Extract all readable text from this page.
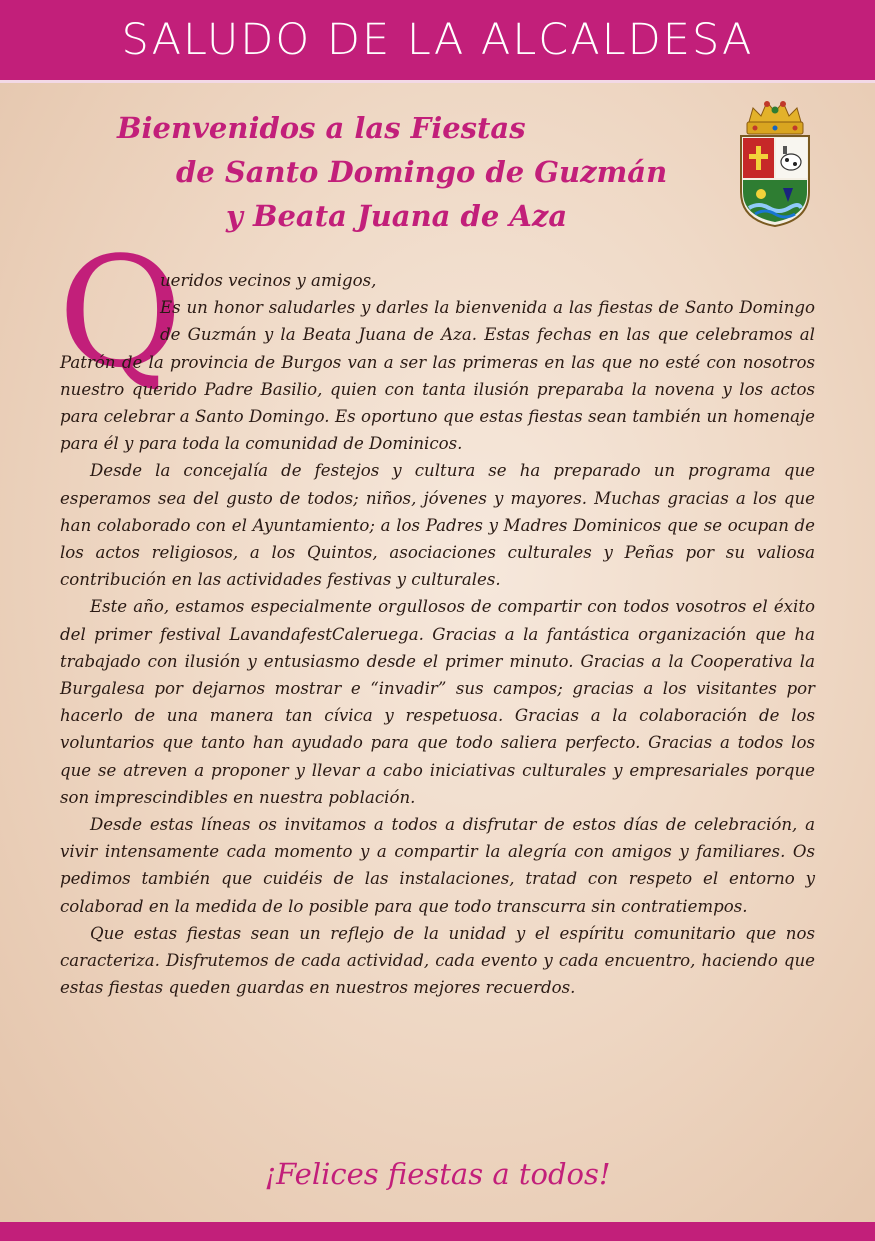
SALUDO DE LA ALCALDESA
Bienvenidos a las Fiestas
de Santo Domingo de Guzmán
y Beata Juana de Aza
Q

ueridos vecinos y amigos,
Es un honor saludarles y darles la bienvenida a las fiestas de Santo Domingo de Guzmán y la Beata Juana de Aza. Estas fechas en las que celebramos al Patrón de la provincia de Burgos van a ser las primeras en las que no esté con nosotros nuestro querido Padre Basilio, quien con tanta ilusión preparaba la novena y los actos para celebrar a Santo Domingo. Es oportuno que estas fiestas sean también un homenaje para él y para toda la comunidad de Dominicos.

Desde la concejalía de festejos y cultura se ha preparado un programa que esperamos sea del gusto de todos; niños, jóvenes y mayores. Muchas gracias a los que han colaborado con el Ayuntamiento; a los Padres y Madres Dominicos que se ocupan de los actos religiosos, a los Quintos, asociaciones culturales y Peñas por su valiosa contribución en las actividades festivas y culturales.

Este año, estamos especialmente orgullosos de compartir con todos vosotros el éxito del primer festival LavandafestCaleruega. Gracias a la fantástica organización que ha trabajado con ilusión y entusiasmo desde el primer minuto. Gracias a la Cooperativa la Burgalesa por dejarnos mostrar e “invadir” sus campos; gracias a los visitantes por hacerlo de una manera tan cívica y respetuosa. Gracias a la colaboración de los voluntarios que tanto han ayudado para que todo saliera perfecto. Gracias a todos los que se atreven a proponer y llevar a cabo iniciativas culturales y empresariales porque son imprescindibles en nuestra población.

Desde estas líneas os invitamos a todos a disfrutar de estos días de celebración, a vivir intensamente cada momento y a compartir la alegría con amigos y familiares. Os pedimos también que cuidéis de las instalaciones, tratad con respeto el entorno y colaborad en la medida de lo posible para que todo transcurra sin contratiempos.

Que estas fiestas sean un reflejo de la unidad y el espíritu comunitario que nos caracteriza. Disfrutemos de cada actividad, cada evento y cada encuentro, haciendo que estas fiestas queden guardas en nuestros mejores recuerdos.

¡Felices fiestas a todos!
